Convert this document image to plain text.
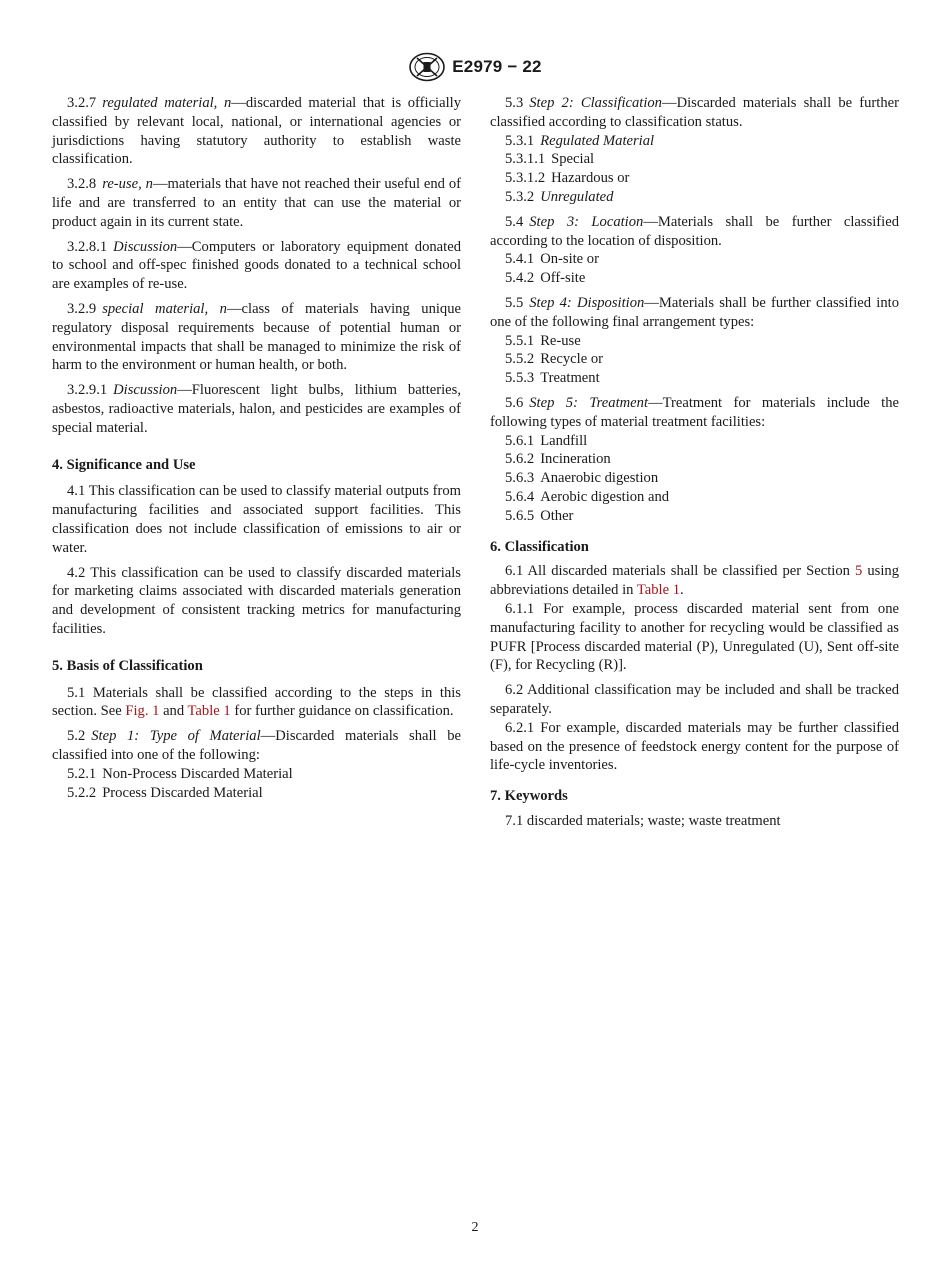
E2979 − 22

3.2.7 regulated material, n—discarded material that is officially classified by relevant local, national, or international agencies or jurisdictions having statutory authority to establish waste classification.

3.2.8 re-use, n—materials that have not reached their useful end of life and are transferred to an entity that can use the material or product again in its current state.

3.2.8.1 Discussion—Computers or laboratory equipment donated to school and off-spec finished goods donated to a technical school are examples of re-use.

3.2.9 special material, n—class of materials having unique regulatory disposal requirements because of potential human or environmental impacts that shall be managed to minimize the risk of harm to the environment or human health, or both.

3.2.9.1 Discussion—Fluorescent light bulbs, lithium batteries, asbestos, radioactive materials, halon, and pesticides are examples of special material.

4. Significance and Use

4.1 This classification can be used to classify material outputs from manufacturing facilities and associated support facilities. This classification does not include classification of emissions to air or water.

4.2 This classification can be used to classify discarded materials for marketing claims associated with discarded materials generation and development of consistent tracking metrics for manufacturing facilities.

5. Basis of Classification

5.1 Materials shall be classified according to the steps in this section. See Fig. 1 and Table 1 for further guidance on classification.

5.2 Step 1: Type of Material—Discarded materials shall be classified into one of the following:

5.2.1 Non-Process Discarded Material
5.2.2 Process Discarded Material

5.3 Step 2: Classification—Discarded materials shall be further classified according to classification status.

5.3.1 Regulated Material
5.3.1.1 Special
5.3.1.2 Hazardous or
5.3.2 Unregulated

5.4 Step 3: Location—Materials shall be further classified according to the location of disposition.

5.4.1 On-site or
5.4.2 Off-site

5.5 Step 4: Disposition—Materials shall be further classified into one of the following final arrangement types:

5.5.1 Re-use
5.5.2 Recycle or
5.5.3 Treatment

5.6 Step 5: Treatment—Treatment for materials include the following types of material treatment facilities:

5.6.1 Landfill
5.6.2 Incineration
5.6.3 Anaerobic digestion
5.6.4 Aerobic digestion and
5.6.5 Other
6. Classification

6.1 All discarded materials shall be classified per Section 5 using abbreviations detailed in Table 1.

6.1.1 For example, process discarded material sent from one manufacturing facility to another for recycling would be classified as PUFR [Process discarded material (P), Unregulated (U), Sent off-site (F), for Recycling (R)].

6.2 Additional classification may be included and shall be tracked separately.

6.2.1 For example, discarded materials may be further classified based on the presence of feedstock energy content for the purpose of life-cycle inventories.

7. Keywords

7.1 discarded materials; waste; waste treatment

2
